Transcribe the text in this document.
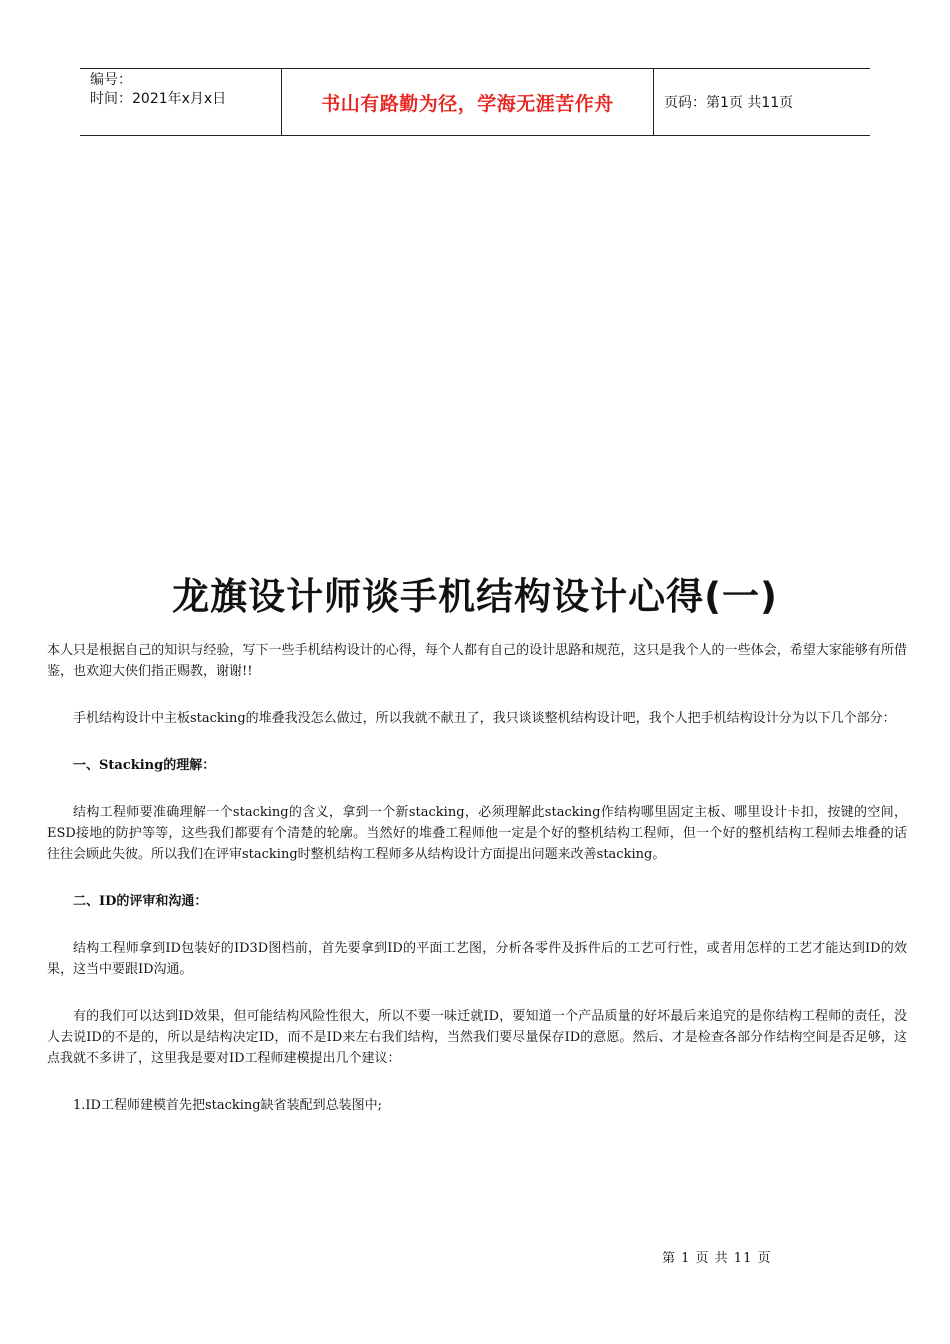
编号：
时间：2021年x月x日	书山有路勤为径，学海无涯苦作舟	页码：第1页 共11页
龙旗设计师谈手机结构设计心得(一)

本人只是根据自己的知识与经验，写下一些手机结构设计的心得，每个人都有自己的设计思路和规范，这只是我个人的一些体会，希望大家能够有所借鉴，也欢迎大侠们指正赐教，谢谢!!

手机结构设计中主板stacking的堆叠我没怎么做过，所以我就不献丑了，我只谈谈整机结构设计吧，我个人把手机结构设计分为以下几个部分：

一、Stacking的理解：

结构工程师要准确理解一个stacking的含义，拿到一个新stacking，必须理解此stacking作结构哪里固定主板、哪里设计卡扣，按键的空间，ESD接地的防护等等，这些我们都要有个清楚的轮廓。当然好的堆叠工程师他一定是个好的整机结构工程师，但一个好的整机结构工程师去堆叠的话往往会顾此失彼。所以我们在评审stacking时整机结构工程师多从结构设计方面提出问题来改善stacking。

二、ID的评审和沟通：

结构工程师拿到ID包装好的ID3D图档前，首先要拿到ID的平面工艺图，分析各零件及拆件后的工艺可行性，或者用怎样的工艺才能达到ID的效果，这当中要跟ID沟通。

有的我们可以达到ID效果，但可能结构风险性很大，所以不要一味迁就ID，要知道一个产品质量的好坏最后来追究的是你结构工程师的责任，没人去说ID的不是的，所以是结构决定ID，而不是ID来左右我们结构，当然我们要尽量保存ID的意愿。然后、才是检查各部分作结构空间是否足够，这点我就不多讲了，这里我是要对ID工程师建模提出几个建议：

1.ID工程师建模首先把stacking缺省装配到总装图中;

第 1 页 共 11 页
